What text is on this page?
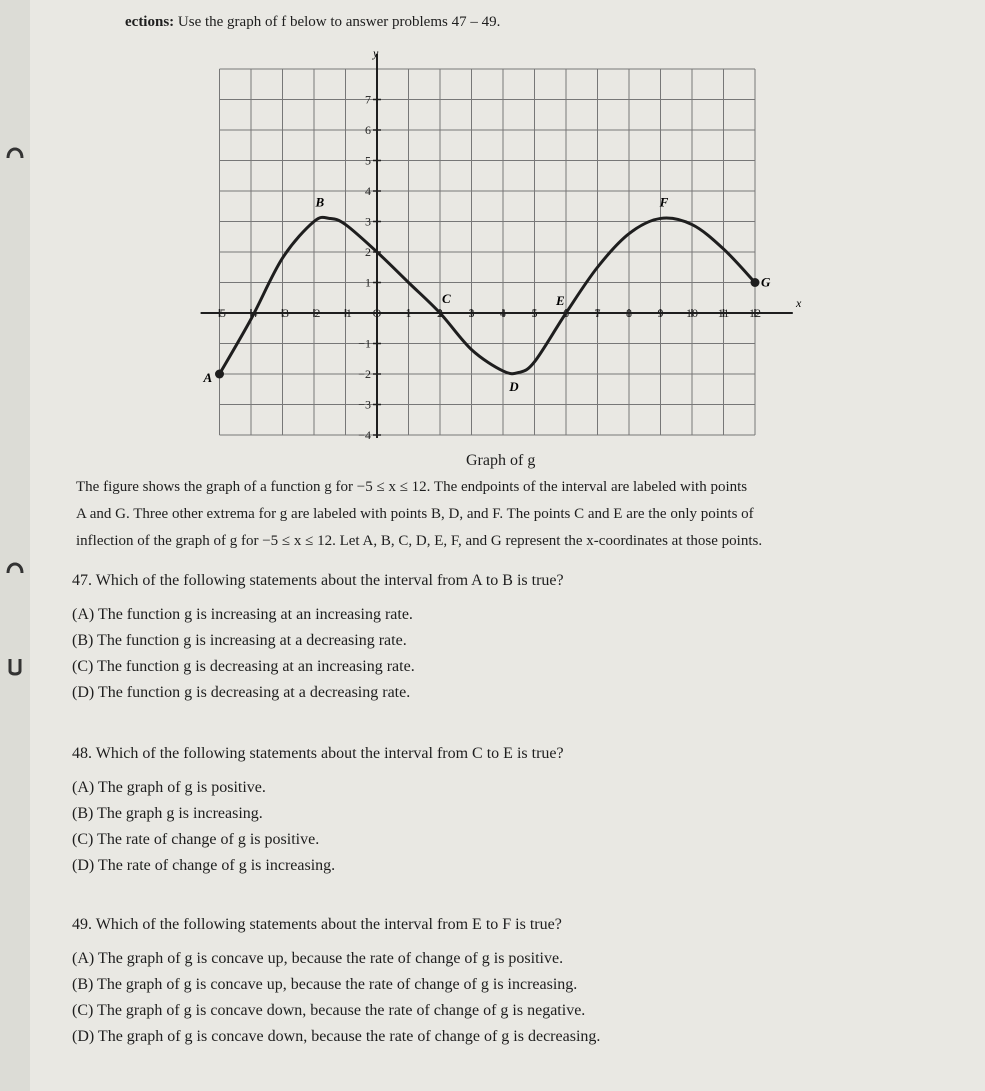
ections: Use the graph of f below to answer problems 47 – 49.
x
y
−5 −4 −3 −2 −1 O 1 2 3 4 5 6 7 8 9 10 11 12
7
6
5
4
3
2
1
−1
−2
−3
−4
A
B
C
D
E
F
G
Graph of g
The figure shows the graph of a function g for −5 ≤ x ≤ 12. The endpoints of the interval are labeled with points
A and G. Three other extrema for g are labeled with points B, D, and F. The points C and E are the only points of
inflection of the graph of g for −5 ≤ x ≤ 12. Let A, B, C, D, E, F, and G represent the x-coordinates at those points.
47. Which of the following statements about the interval from A to B is true?
(A) The function g is increasing at an increasing rate.
(B) The function g is increasing at a decreasing rate.
(C) The function g is decreasing at an increasing rate.
(D) The function g is decreasing at a decreasing rate.
48. Which of the following statements about the interval from C to E is true?
(A) The graph of g is positive.
(B) The graph g is increasing.
(C) The rate of change of g is positive.
(D) The rate of change of g is increasing.
49. Which of the following statements about the interval from E to F is true?
(A) The graph of g is concave up, because the rate of change of g is positive.
(B) The graph of g is concave up, because the rate of change of g is increasing.
(C) The graph of g is concave down, because the rate of change of g is negative.
(D) The graph of g is concave down, because the rate of change of g is decreasing.
